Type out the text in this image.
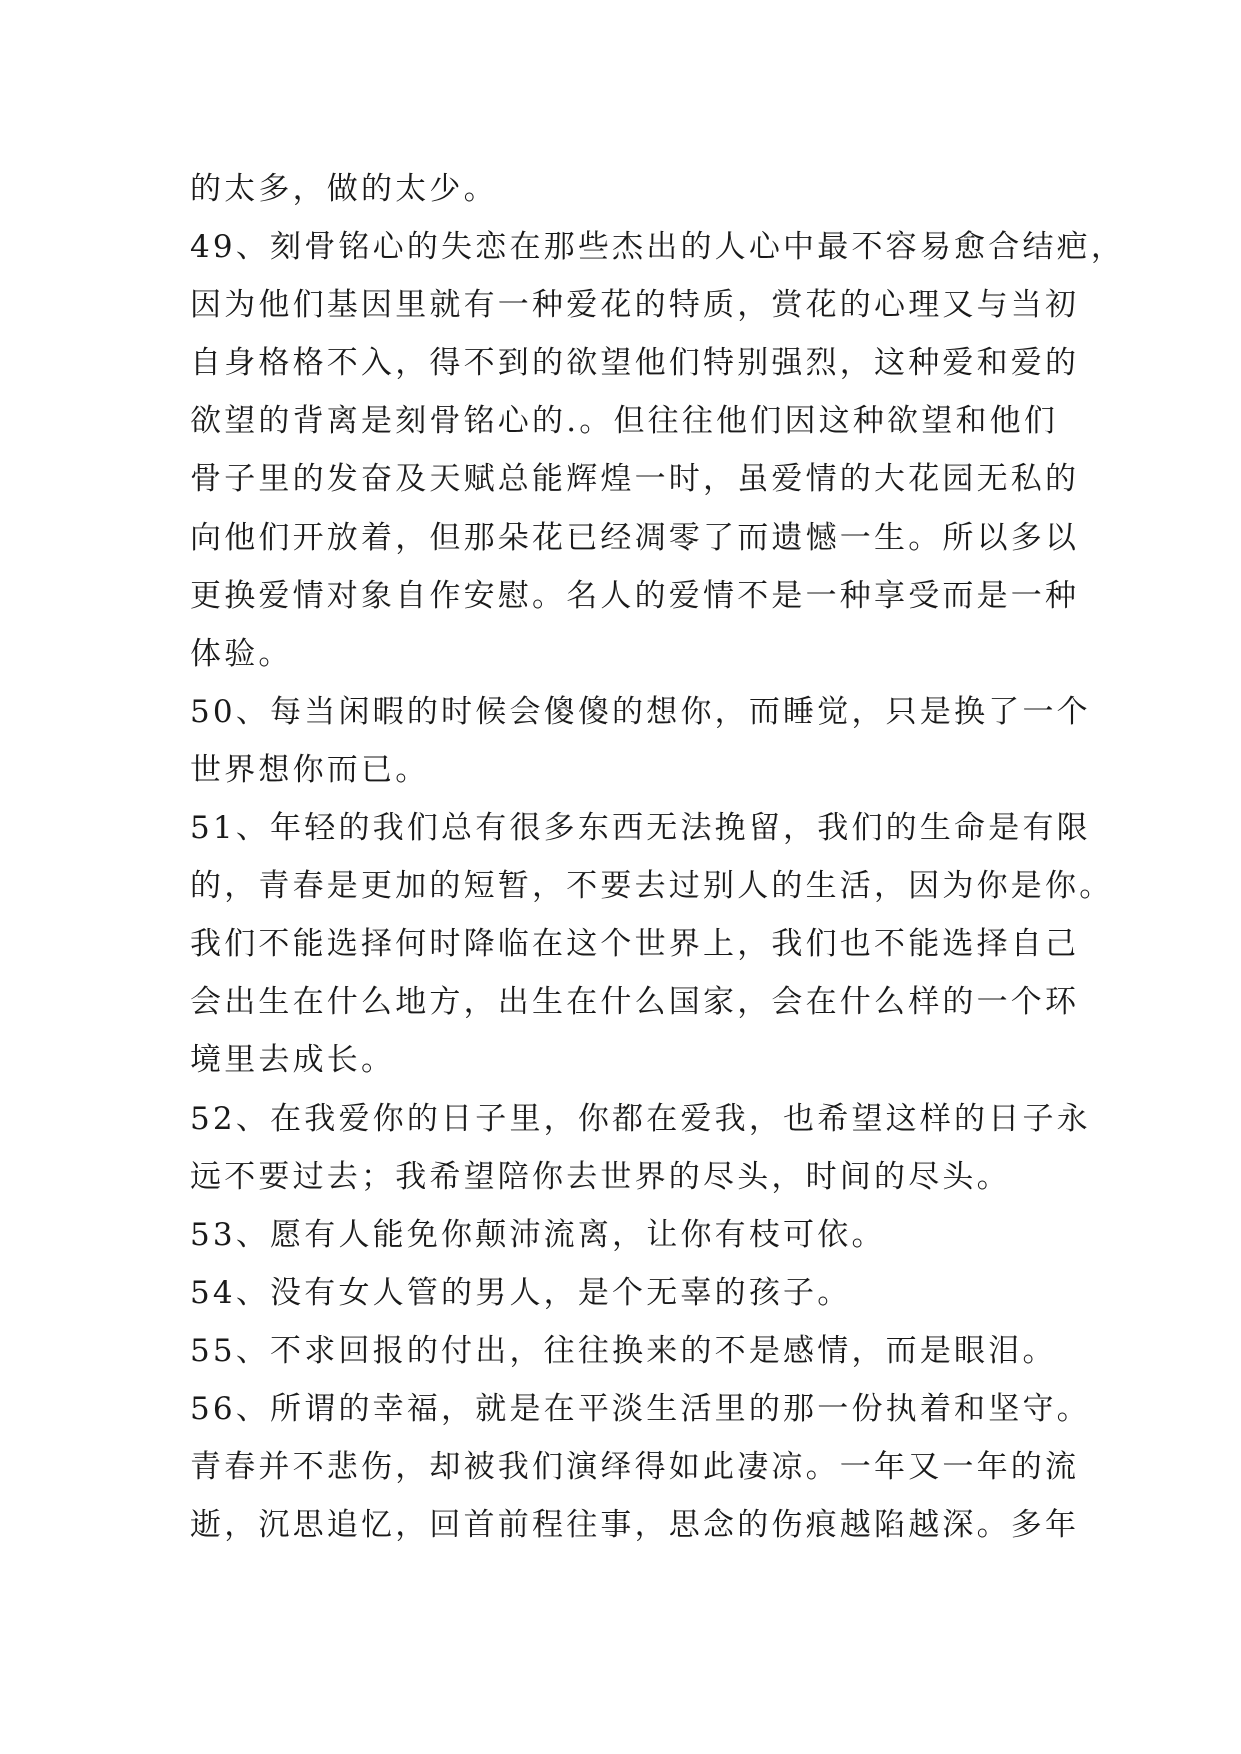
的太多，做的太少。
49、刻骨铭心的失恋在那些杰出的人心中最不容易愈合结疤，
因为他们基因里就有一种爱花的特质，赏花的心理又与当初
自身格格不入，得不到的欲望他们特别强烈，这种爱和爱的
欲望的背离是刻骨铭心的.。但往往他们因这种欲望和他们
骨子里的发奋及天赋总能辉煌一时，虽爱情的大花园无私的
向他们开放着，但那朵花已经凋零了而遗憾一生。所以多以
更换爱情对象自作安慰。名人的爱情不是一种享受而是一种
体验。
50、每当闲暇的时候会傻傻的想你，而睡觉，只是换了一个
世界想你而已。
51、年轻的我们总有很多东西无法挽留，我们的生命是有限
的，青春是更加的短暂，不要去过别人的生活，因为你是你。
我们不能选择何时降临在这个世界上，我们也不能选择自己
会出生在什么地方，出生在什么国家，会在什么样的一个环
境里去成长。
52、在我爱你的日子里，你都在爱我，也希望这样的日子永
远不要过去；我希望陪你去世界的尽头，时间的尽头。
53、愿有人能免你颠沛流离，让你有枝可依。
54、没有女人管的男人，是个无辜的孩子。
55、不求回报的付出，往往换来的不是感情，而是眼泪。
56、所谓的幸福，就是在平淡生活里的那一份执着和坚守。
青春并不悲伤，却被我们演绎得如此凄凉。一年又一年的流
逝，沉思追忆，回首前程往事，思念的伤痕越陷越深。多年
